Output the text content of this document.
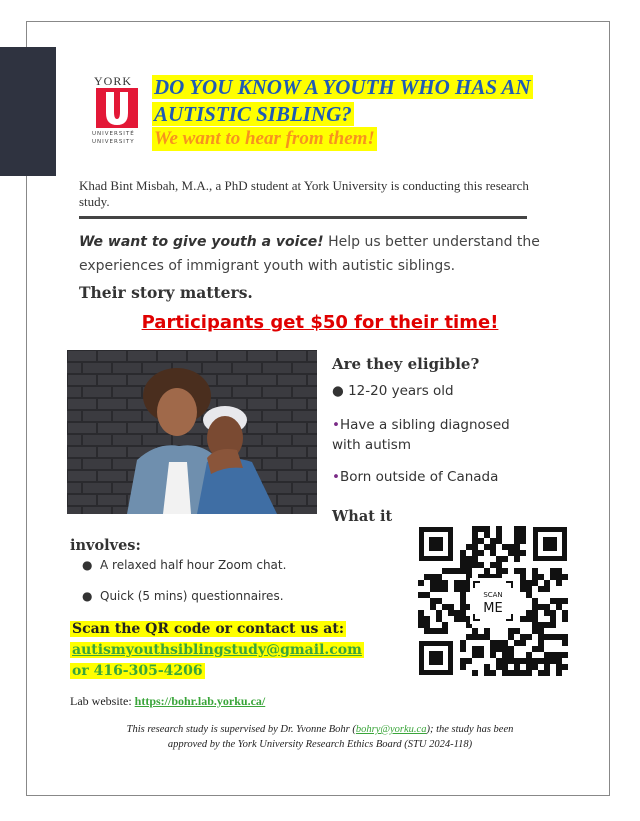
YORK
UNIVERSITÉ
UNIVERSITY
DO YOU KNOW A YOUTH WHO HAS AN
AUTISTIC SIBLING?
We want to hear from them!
Khad Bint Misbah, M.A., a PhD student at York University is conducting this research study.
We want to give youth a voice! Help us better understand the experiences of immigrant youth with autistic siblings.
Their story matters.
Participants get $50 for their time!
Are they eligible?
● 12-20 years old
•Have a sibling diagnosed with autism
•Born outside of Canada
What it
involves:
● A relaxed half hour Zoom chat.
● Quick (5 mins) questionnaires.	SCAN
ME
Scan the QR code or contact us at:
autismyouthsiblingstudy@gmail.com
or 416-305-4206
Lab website: https://bohr.lab.yorku.ca/
This research study is supervised by Dr. Yvonne Bohr (bohry@yorku.ca); the study has been
approved by the York University Research Ethics Board (STU 2024-118)
